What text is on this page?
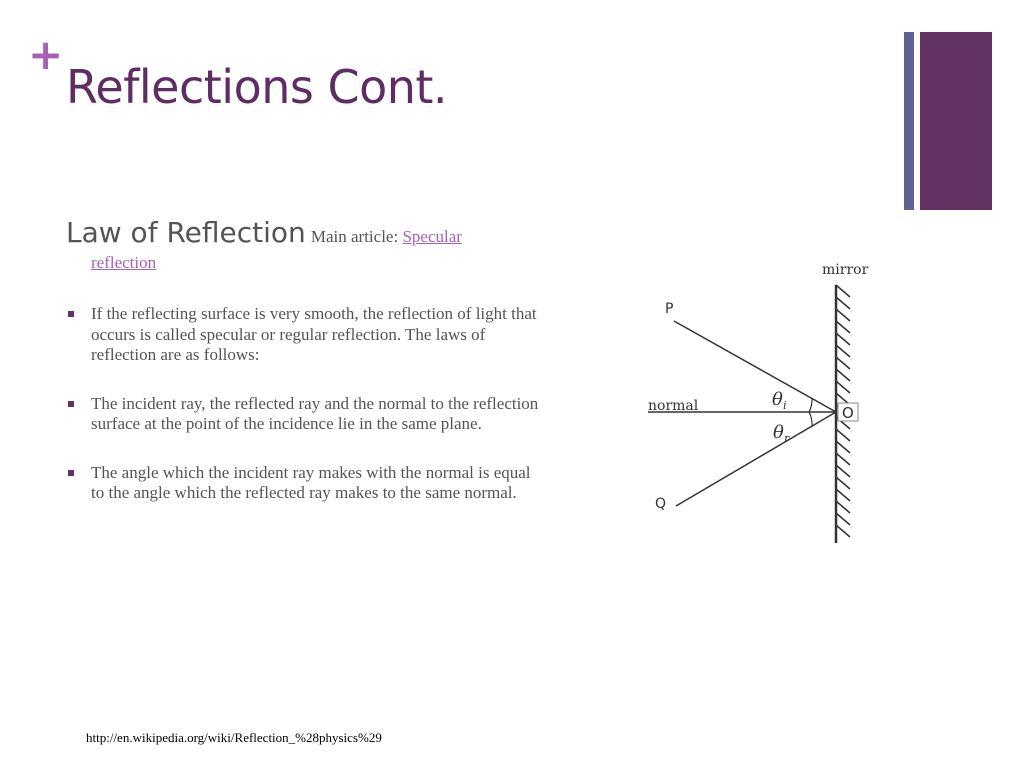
+
Reflections Cont.
Law of Reflection Main article: Specular
reflection
If the reflecting surface is very smooth, the reflection of light that occurs is called specular or regular reflection. The laws of reflection are as follows:
The incident ray, the reflected ray and the normal to the reflection surface at the point of the incidence lie in the same plane.
The angle which the incident ray makes with the normal is equal to the angle which the reflected ray makes to the same normal.
mirror
O
P
Q
normal	θ i
θ r
http://en.wikipedia.org/wiki/Reflection_%28physics%29
